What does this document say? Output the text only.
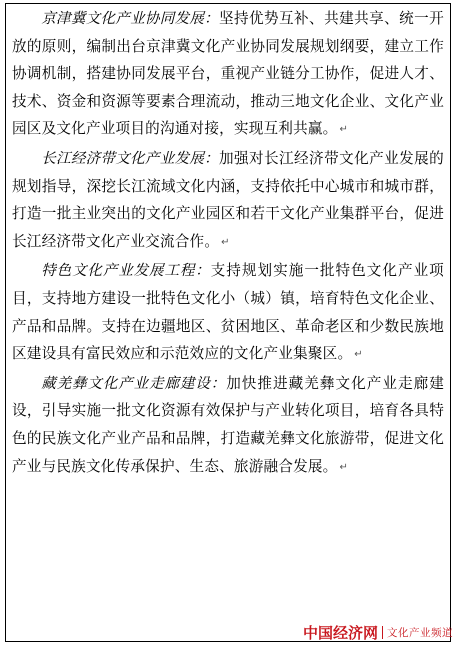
京津冀文化产业协同发展：坚持优势互补、共建共享、统一开放的原则，编制出台京津冀文化产业协同发展规划纲要，建立工作协调机制，搭建协同发展平台，重视产业链分工协作，促进人才、技术、资金和资源等要素合理流动，推动三地文化企业、文化产业园区及文化产业项目的沟通对接，实现互利共赢。 ↵

长江经济带文化产业发展：加强对长江经济带文化产业发展的规划指导，深挖长江流域文化内涵，支持依托中心城市和城市群，打造一批主业突出的文化产业园区和若干文化产业集群平台，促进长江经济带文化产业交流合作。 ↵

特色文化产业发展工程：支持规划实施一批特色文化产业项目，支持地方建设一批特色文化小（城）镇，培育特色文化企业、产品和品牌。支持在边疆地区、贫困地区、革命老区和少数民族地区建设具有富民效应和示范效应的文化产业集聚区。 ↵

藏羌彝文化产业走廊建设：加快推进藏羌彝文化产业走廊建设，引导实施一批文化资源有效保护与产业转化项目，培育各具特色的民族文化产业产品和品牌，打造藏羌彝文化旅游带，促进文化产业与民族文化传承保护、生态、旅游融合发展。 ↵

中国经济网 文化产业频道
